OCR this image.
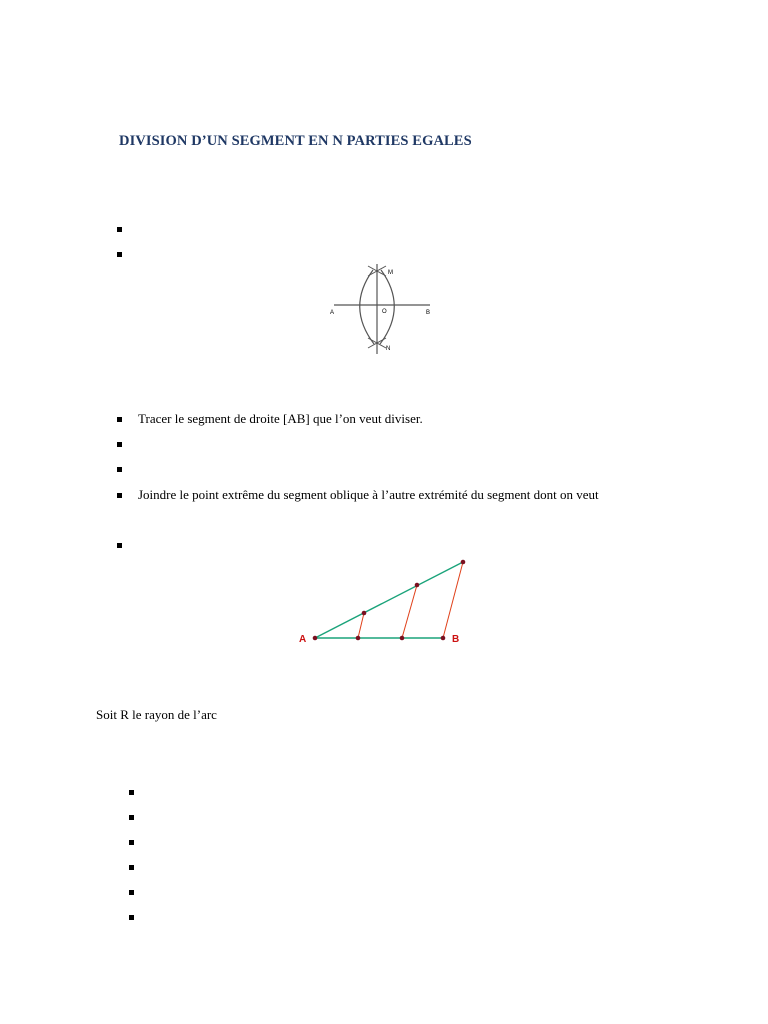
DIVISION D’UN SEGMENT EN N PARTIES EGALES
A	B
O
M
N
Tracer le segment de droite [AB] que l’on veut diviser.
Joindre le point extrême du segment oblique à l’autre extrémité du segment dont on veut
A	B
Soit R le rayon de l’arc
